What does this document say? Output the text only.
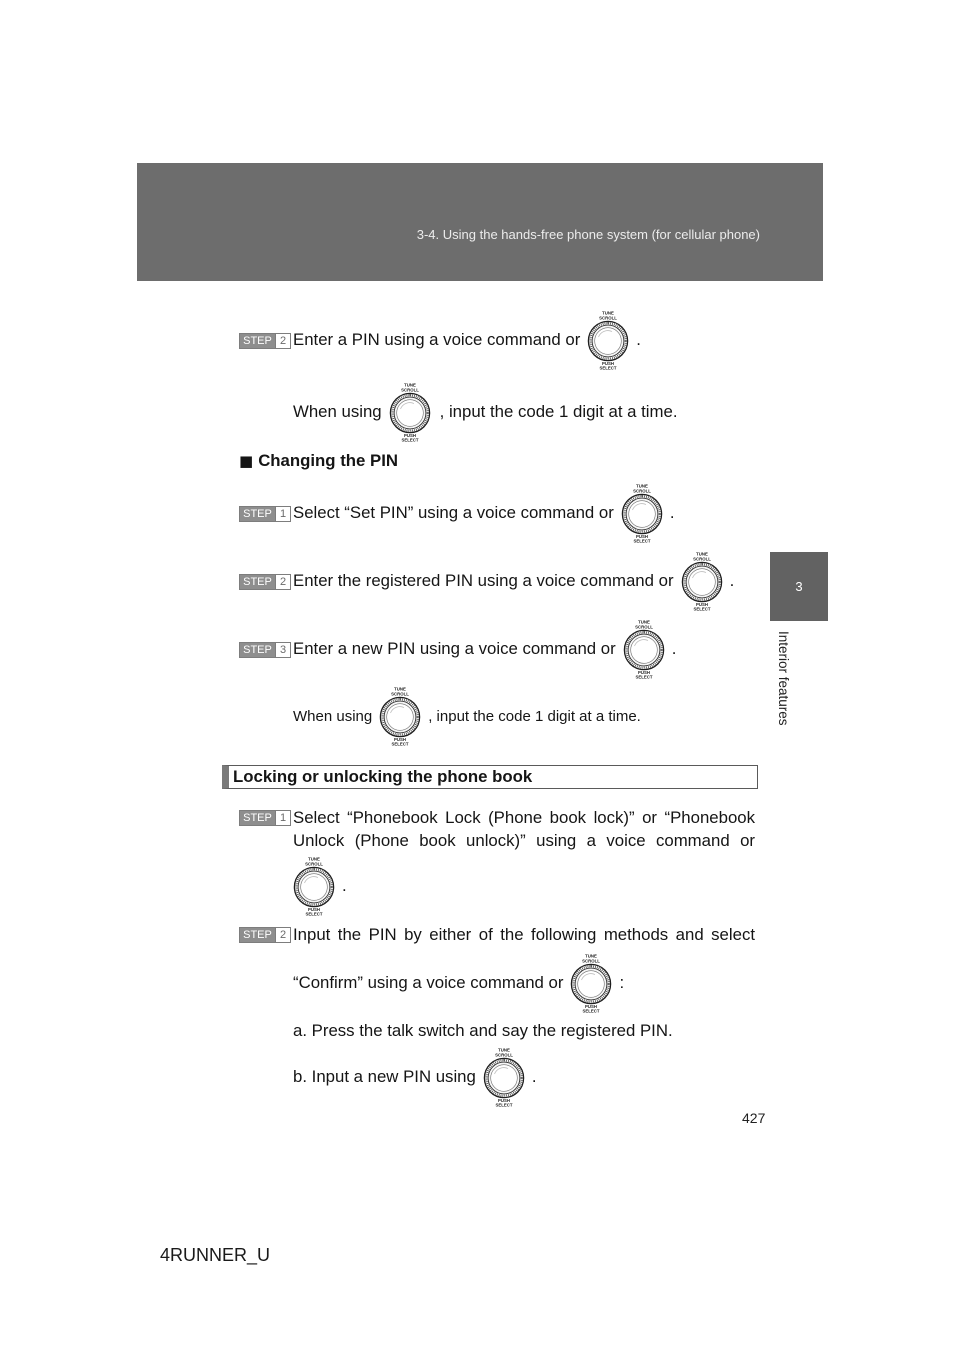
3-4. Using the hands-free phone system (for cellular phone)
3
Interior features
STEP 2 Enter a PIN using a voice command or
TUNE
SCROLL
PUSH
SELECT
.
When using
TUNE
SCROLL
PUSH
SELECT
, input the code 1 digit at a time.
■ Changing the PIN
STEP 1 Select “Set PIN” using a voice command or
TUNE
SCROLL
PUSH
SELECT
.
STEP 2 Enter the registered PIN using a voice command or
TUNE
SCROLL
PUSH
SELECT
.
STEP 3 Enter a new PIN using a voice command or
TUNE
SCROLL
PUSH
SELECT
.
When using
TUNE
SCROLL
PUSH
SELECT
, input the code 1 digit at a time.
Locking or unlocking the phone book
STEP 1 Select “Phonebook Lock (Phone book lock)” or “Phonebook
Unlock (Phone book unlock)” using a voice command or
TUNE
SCROLL
PUSH
SELECT
.
STEP 2 Input the PIN by either of the following methods and select
“Confirm” using a voice command or
TUNE
SCROLL
PUSH
SELECT
:
a. Press the talk switch and say the registered PIN.
b. Input a new PIN using
TUNE
SCROLL
PUSH
SELECT
.
427
4RUNNER_U
